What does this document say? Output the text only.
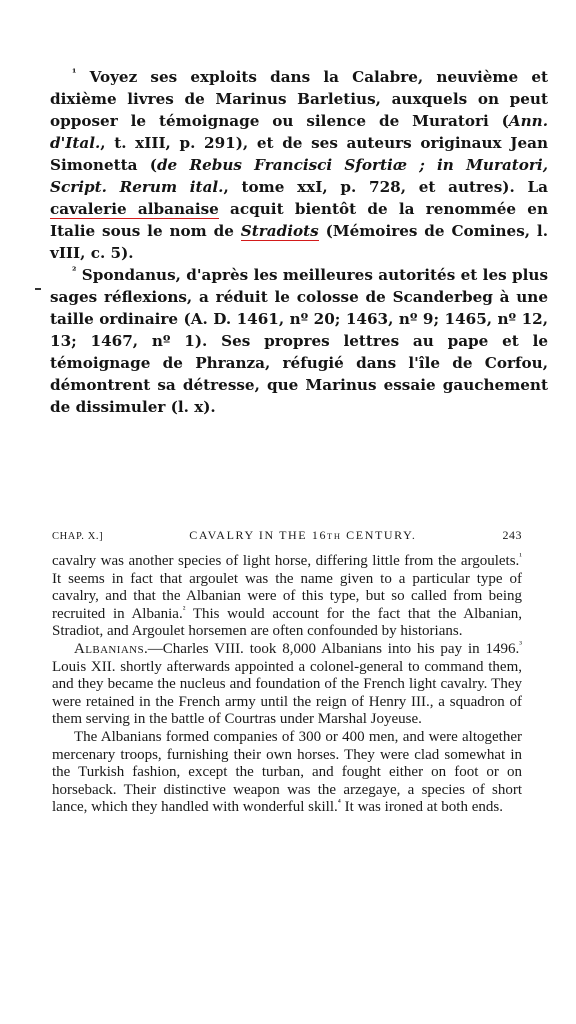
$^{^1}$ Voyez ses exploits dans la Calabre, neuvième et dixième livres de Marinus Barletius, auxquels on peut opposer le témoignage ou silence de Muratori (Ann. d'Ital., t. xIII, p. 291), et de ses auteurs originaux Jean Simonetta (de Rebus Francisci Sfortiæ ; in Muratori, Script. Rerum ital., tome xxI, p. 728, et autres). La cavalerie albanaise acquit bientôt de la renommée en Italie sous le nom de Stradiots (Mémoires de Comines, l. vIII, c. 5).

$^{^2}$ Spondanus, d'après les meilleures autorités et les plus sages réflexions, a réduit le colosse de Scanderbeg à une taille ordinaire (A. D. 1461, nº 20; 1463, nº 9; 1465, nº 12, 13; 1467, nº 1). Ses propres lettres au pape et le témoignage de Phranza, réfugié dans l'île de Corfou, démontrent sa détresse, que Marinus essaie gauchement de dissimuler (l. x).

CHAP. X.]	CAVALRY IN THE 16TH CENTURY.	243

cavalry was another species of light horse, differing little from the argoulets.$^{^1}$ It seems in fact that argoulet was the name given to a particular type of cavalry, and that the Albanian were of this type, but so called from being recruited in Albania.$^{^2}$ This would account for the fact that the Albanian, Stradiot, and Argoulet horsemen are often confounded by historians.

Albanians.—Charles VIII. took 8,000 Albanians into his pay in 1496.$^{^3}$ Louis XII. shortly afterwards appointed a colonel-general to command them, and they became the nucleus and foundation of the French light cavalry. They were retained in the French army until the reign of Henry III., a squadron of them serving in the battle of Courtras under Marshal Joyeuse.

The Albanians formed companies of 300 or 400 men, and were altogether mercenary troops, furnishing their own horses. They were clad somewhat in the Turkish fashion, except the turban, and fought either on foot or on horseback. Their distinctive weapon was the arzegaye, a species of short lance, which they handled with wonderful skill.$^{^4}$ It was ironed at both ends.
